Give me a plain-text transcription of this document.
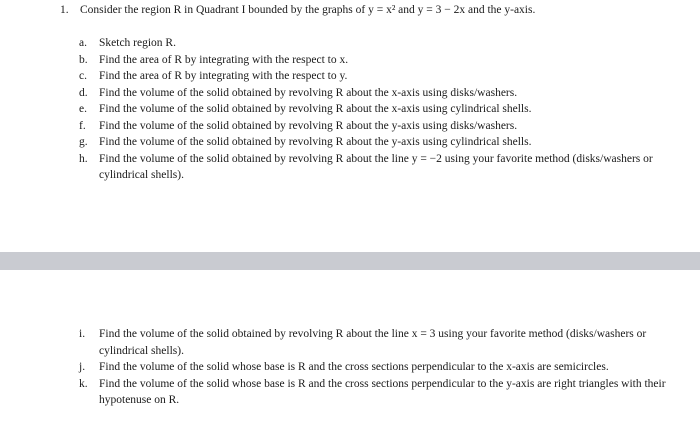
1. Consider the region R in Quadrant I bounded by the graphs of y = x² and y = 3 − 2x and the y-axis.
a.	Sketch region R.
b. Find the area of R by integrating with the respect to x.
c.	Find the area of R by integrating with the respect to y.
d. Find the volume of the solid obtained by revolving R about the x-axis using disks/washers.
e.	Find the volume of the solid obtained by revolving R about the x-axis using cylindrical shells.
f.	Find the volume of the solid obtained by revolving R about the y-axis using disks/washers.
g. Find the volume of the solid obtained by revolving R about the y-axis using cylindrical shells.
h. Find the volume of the solid obtained by revolving R about the line y = −2 using your favorite method (disks/washers or cylindrical shells).
i.	Find the volume of the solid obtained by revolving R about the line x = 3 using your favorite method (disks/washers or cylindrical shells).
j.	Find the volume of the solid whose base is R and the cross sections perpendicular to the x-axis are semicircles.
k. Find the volume of the solid whose base is R and the cross sections perpendicular to the y-axis are right triangles with their hypotenuse on R.
